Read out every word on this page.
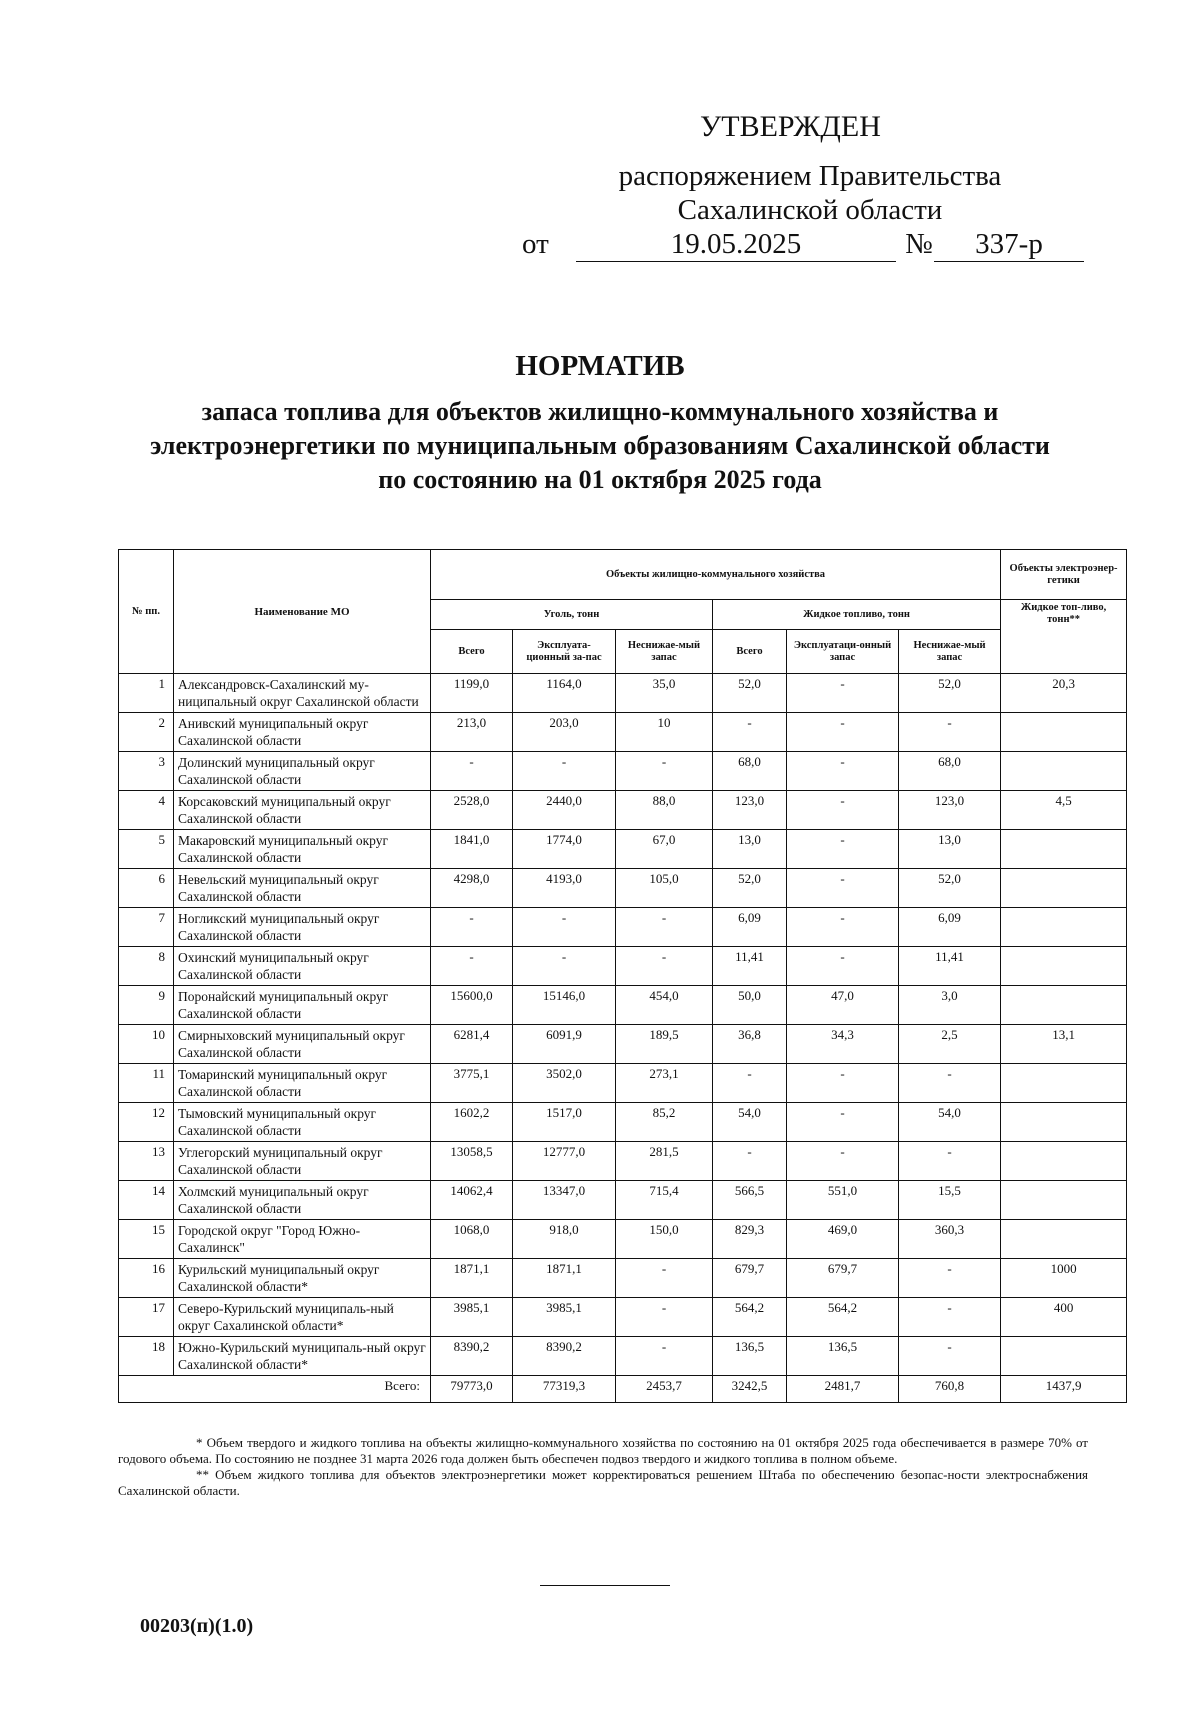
УТВЕРЖДЕН
распоряжением Правительства
Сахалинской области
от	19.05.2025	№	337-р
НОРМАТИВ
запаса топлива для объектов жилищно-коммунального хозяйства и электроэнергетики по муниципальным образованиям Сахалинской области по состоянию на 01 октября 2025 года
№ пп.	Наименование МО	Объекты жилищно-коммунального хозяйства						Объекты электроэнер-гетики
		Уголь, тонн			Жидкое топливо, тонн			Жидкое топ-ливо, тонн**
		Всего	Эксплуата-ционный за-пас	Неснижае-мый запас	Всего	Эксплуатаци-онный запас	Неснижае-мый запас	
1	Александровск-Сахалинский му-ниципальный округ Сахалинской области	1199,0	1164,0	35,0	52,0	-	52,0	20,3
2	Анивский муниципальный округ Сахалинской области	213,0	203,0	10	-	-	-	
3	Долинский муниципальный округ Сахалинской области	-	-	-	68,0	-	68,0	
4	Корсаковский муниципальный округ Сахалинской области	2528,0	2440,0	88,0	123,0	-	123,0	4,5
5	Макаровский муниципальный округ Сахалинской области	1841,0	1774,0	67,0	13,0	-	13,0	
6	Невельский муниципальный округ Сахалинской области	4298,0	4193,0	105,0	52,0	-	52,0	
7	Ногликский муниципальный округ Сахалинской области	-	-	-	6,09	-	6,09	
8	Охинский муниципальный округ Сахалинской области	-	-	-	11,41	-	11,41	
9	Поронайский муниципальный округ Сахалинской области	15600,0	15146,0	454,0	50,0	47,0	3,0	
10	Смирныховский муниципальный округ Сахалинской области	6281,4	6091,9	189,5	36,8	34,3	2,5	13,1
11	Томаринский муниципальный округ Сахалинской области	3775,1	3502,0	273,1	-	-	-	
12	Тымовский муниципальный округ Сахалинской области	1602,2	1517,0	85,2	54,0	-	54,0	
13	Углегорский муниципальный округ Сахалинской области	13058,5	12777,0	281,5	-	-	-	
14	Холмский муниципальный округ Сахалинской области	14062,4	13347,0	715,4	566,5	551,0	15,5	
15	Городской округ "Город Южно-Сахалинск"	1068,0	918,0	150,0	829,3	469,0	360,3	
16	Курильский муниципальный округ Сахалинской области*	1871,1	1871,1	-	679,7	679,7	-	1000
17	Северо-Курильский муниципаль-ный округ Сахалинской области*	3985,1	3985,1	-	564,2	564,2	-	400
18	Южно-Курильский муниципаль-ный округ Сахалинской области*	8390,2	8390,2	-	136,5	136,5	-	
Всего:		79773,0	77319,3	2453,7	3242,5	2481,7	760,8	1437,9

* Объем твердого и жидкого топлива на объекты жилищно-коммунального хозяйства по состоянию на 01 октября 2025 года обеспечивается в размере 70% от годового объема. По состоянию не позднее 31 марта 2026 года должен быть обеспечен подвоз твердого и жидкого топлива в полном объеме.

** Объем жидкого топлива для объектов электроэнергетики может корректироваться решением Штаба по обеспечению безопас-ности электроснабжения Сахалинской области.

00203(п)(1.0)
